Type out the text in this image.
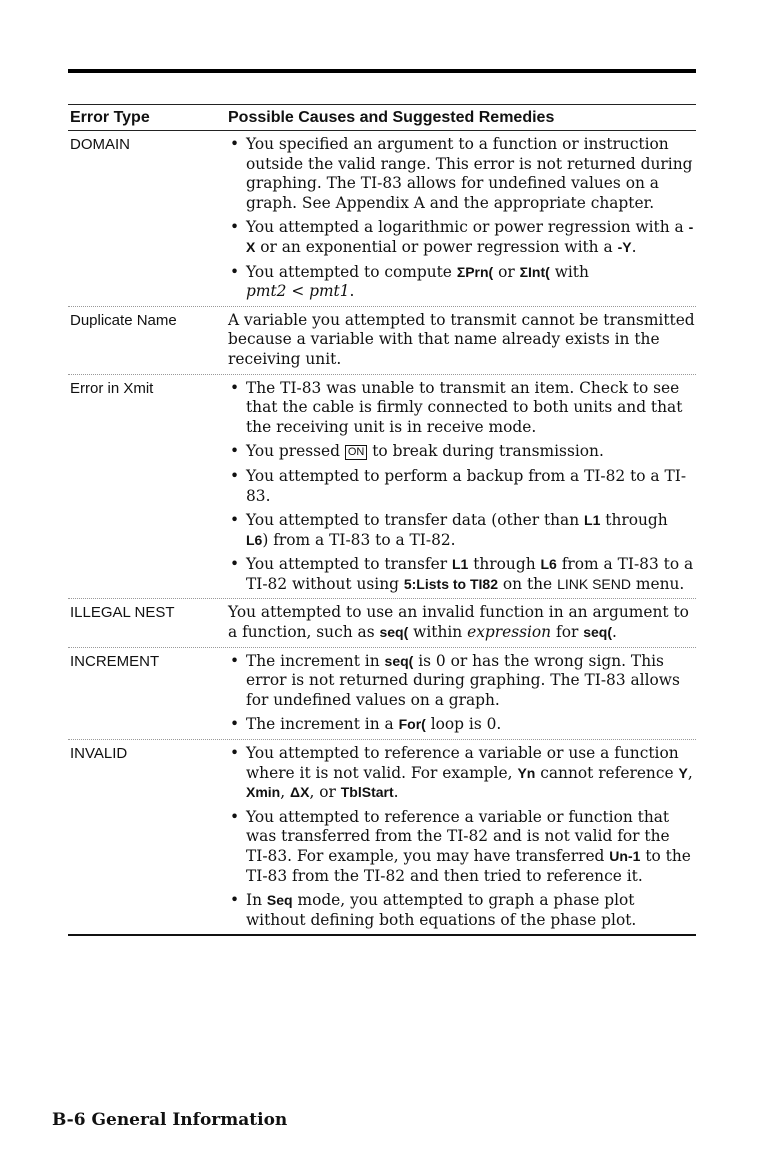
Error Type	Possible Causes and Suggested Remedies
DOMAIN	• You specified an argument to a function or instruction outside the valid range. This error is not returned during graphing. The TI-83 allows for undefined values on a graph. See Appendix A and the appropriate chapter.
• You attempted a logarithmic or power regression with a -X or an exponential or power regression with a -Y.
• You attempted to compute ΣPrn( or ΣInt( with
pmt2 < pmt1.
Duplicate Name	A variable you attempted to transmit cannot be transmitted because a variable with that name already exists in the receiving unit.
Error in Xmit	• The TI-83 was unable to transmit an item. Check to see that the cable is firmly connected to both units and that the receiving unit is in receive mode.
• You pressed ON to break during transmission.
• You attempted to perform a backup from a TI-82 to a TI-83.
• You attempted to transfer data (other than L1 through
L6) from a TI-83 to a TI-82.
• You attempted to transfer L1 through L6 from a TI-83 to a TI-82 without using 5:Lists to TI82 on the LINK SEND menu.
ILLEGAL NEST	You attempted to use an invalid function in an argument to a function, such as seq( within expression for seq(.
INCREMENT	• The increment in seq( is 0 or has the wrong sign. This error is not returned during graphing. The TI-83 allows for undefined values on a graph.
• The increment in a For( loop is 0.
INVALID	• You attempted to reference a variable or use a function where it is not valid. For example, Yn cannot reference Y, Xmin, ΔX, or TblStart.
• You attempted to reference a variable or function that was transferred from the TI-82 and is not valid for the TI-83. For example, you may have transferred Un-1 to the TI-83 from the TI-82 and then tried to reference it.
• In Seq mode, you attempted to graph a phase plot without defining both equations of the phase plot.
B-6 General Information
